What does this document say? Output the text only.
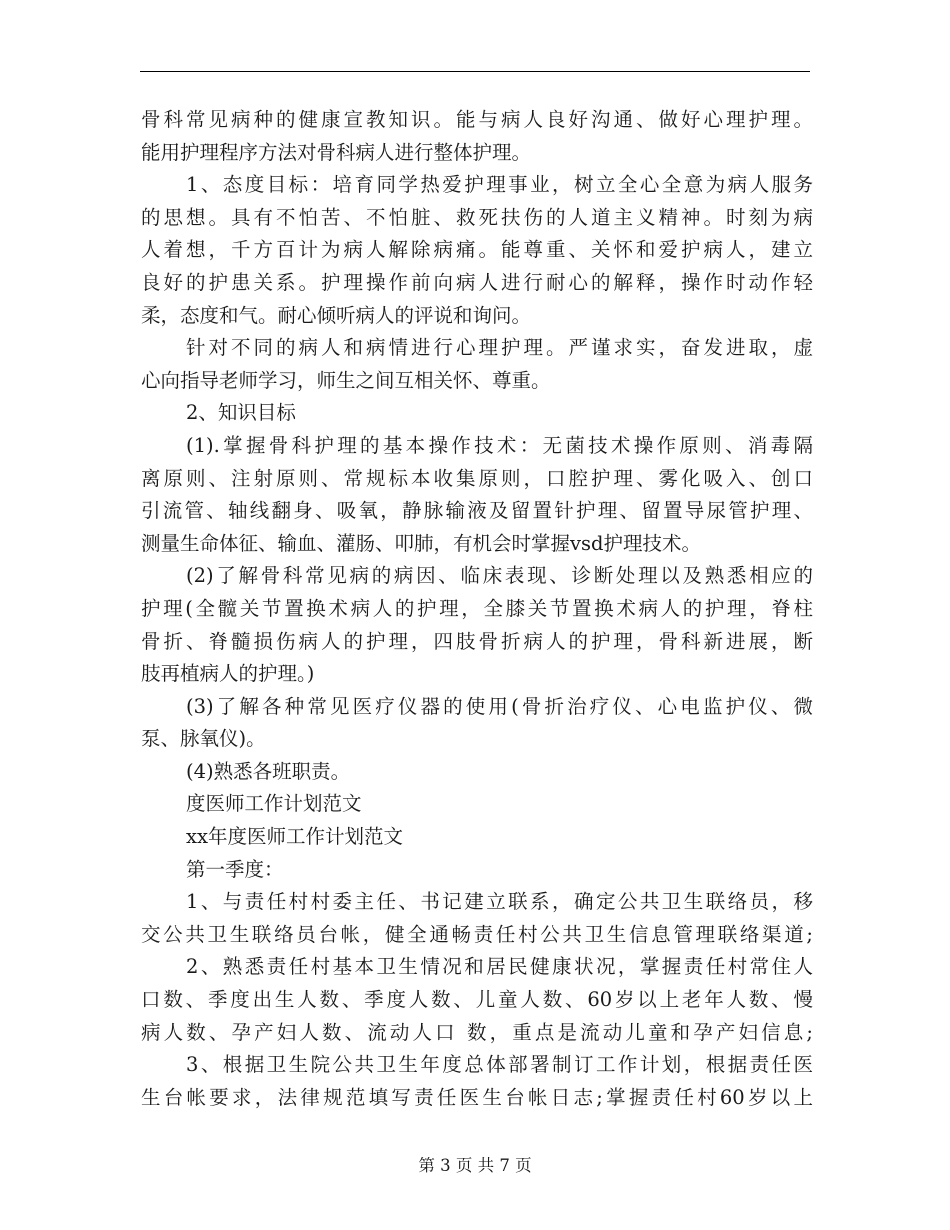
骨科常见病种的健康宣教知识。能与病人良好沟通、做好心理护理。
能用护理程序方法对骨科病人进行整体护理。
1、态度目标：培育同学热爱护理事业，树立全心全意为病人服务
的思想。具有不怕苦、不怕脏、救死扶伤的人道主义精神。时刻为病
人着想，千方百计为病人解除病痛。能尊重、关怀和爱护病人，建立
良好的护患关系。护理操作前向病人进行耐心的解释，操作时动作轻
柔，态度和气。耐心倾听病人的评说和询问。
针对不同的病人和病情进行心理护理。严谨求实，奋发进取，虚
心向指导老师学习，师生之间互相关怀、尊重。
2、知识目标
(1).掌握骨科护理的基本操作技术：无菌技术操作原则、消毒隔
离原则、注射原则、常规标本收集原则，口腔护理、雾化吸入、创口
引流管、轴线翻身、吸氧，静脉输液及留置针护理、留置导尿管护理、
测量生命体征、输血、灌肠、叩肺，有机会时掌握vsd护理技术。
(2)了解骨科常见病的病因、临床表现、诊断处理以及熟悉相应的
护理(全髋关节置换术病人的护理，全膝关节置换术病人的护理，脊柱
骨折、脊髓损伤病人的护理，四肢骨折病人的护理，骨科新进展，断
肢再植病人的护理。)
(3)了解各种常见医疗仪器的使用(骨折治疗仪、心电监护仪、微
泵、脉氧仪)。
(4)熟悉各班职责。
度医师工作计划范文
xx年度医师工作计划范文
第一季度：
1、与责任村村委主任、书记建立联系，确定公共卫生联络员，移
交公共卫生联络员台帐，健全通畅责任村公共卫生信息管理联络渠道;
2、熟悉责任村基本卫生情况和居民健康状况，掌握责任村常住人
口数、季度出生人数、季度人数、儿童人数、60岁以上老年人数、慢
病人数、孕产妇人数、流动人口 数，重点是流动儿童和孕产妇信息;
3、根据卫生院公共卫生年度总体部署制订工作计划，根据责任医
生台帐要求，法律规范填写责任医生台帐日志;掌握责任村60岁以上
第 3 页 共 7 页
